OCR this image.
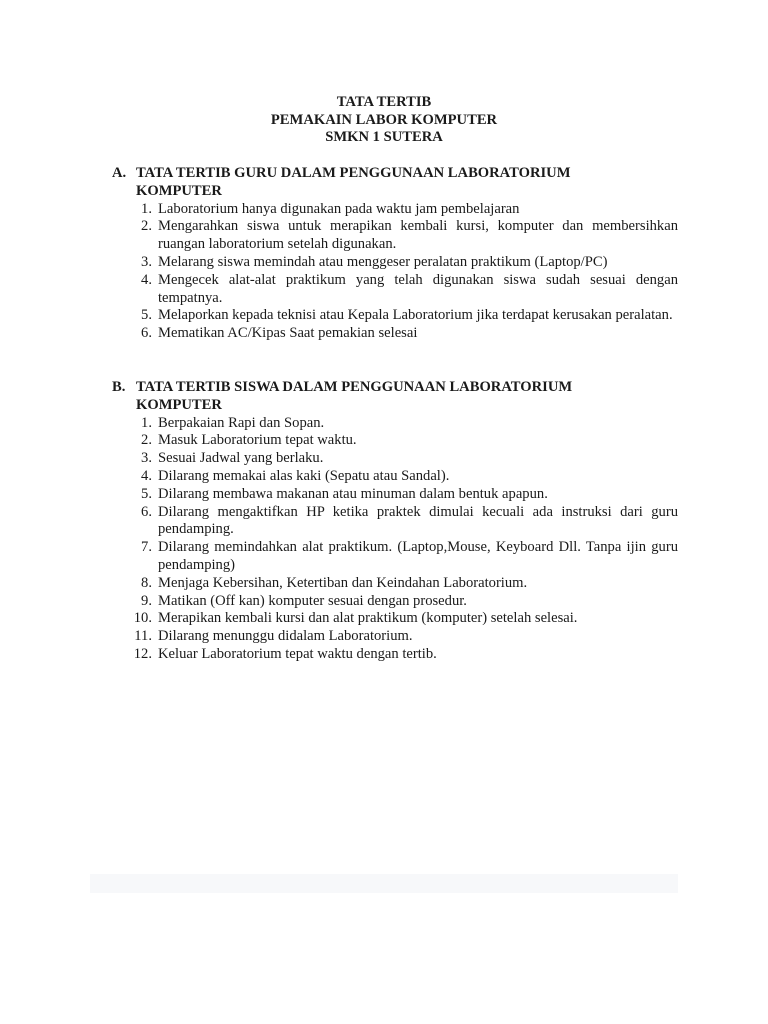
TATA TERTIB
PEMAKAIN LABOR KOMPUTER
SMKN 1 SUTERA
A. TATA TERTIB GURU DALAM PENGGUNAAN LABORATORIUM KOMPUTER
1. Laboratorium hanya digunakan pada waktu jam pembelajaran
2. Mengarahkan siswa untuk merapikan kembali kursi, komputer dan membersihkan ruangan laboratorium setelah digunakan.
3. Melarang siswa memindah atau menggeser peralatan praktikum (Laptop/PC)
4. Mengecek alat-alat praktikum yang telah digunakan siswa sudah sesuai dengan tempatnya.
5. Melaporkan kepada teknisi atau Kepala Laboratorium jika terdapat kerusakan peralatan.
6. Mematikan AC/Kipas Saat pemakian selesai
B. TATA TERTIB SISWA DALAM PENGGUNAAN LABORATORIUM KOMPUTER
1. Berpakaian Rapi dan Sopan.
2. Masuk Laboratorium tepat waktu.
3. Sesuai Jadwal yang berlaku.
4. Dilarang memakai alas kaki (Sepatu atau Sandal).
5. Dilarang membawa makanan atau minuman dalam bentuk apapun.
6. Dilarang mengaktifkan HP ketika praktek dimulai kecuali ada instruksi dari guru pendamping.
7. Dilarang memindahkan alat praktikum. (Laptop,Mouse, Keyboard Dll. Tanpa ijin guru pendamping)
8. Menjaga Kebersihan, Ketertiban dan Keindahan Laboratorium.
9. Matikan (Off kan) komputer sesuai dengan prosedur.
10. Merapikan kembali kursi dan alat praktikum (komputer) setelah selesai.
11. Dilarang menunggu didalam Laboratorium.
12. Keluar Laboratorium tepat waktu dengan tertib.
